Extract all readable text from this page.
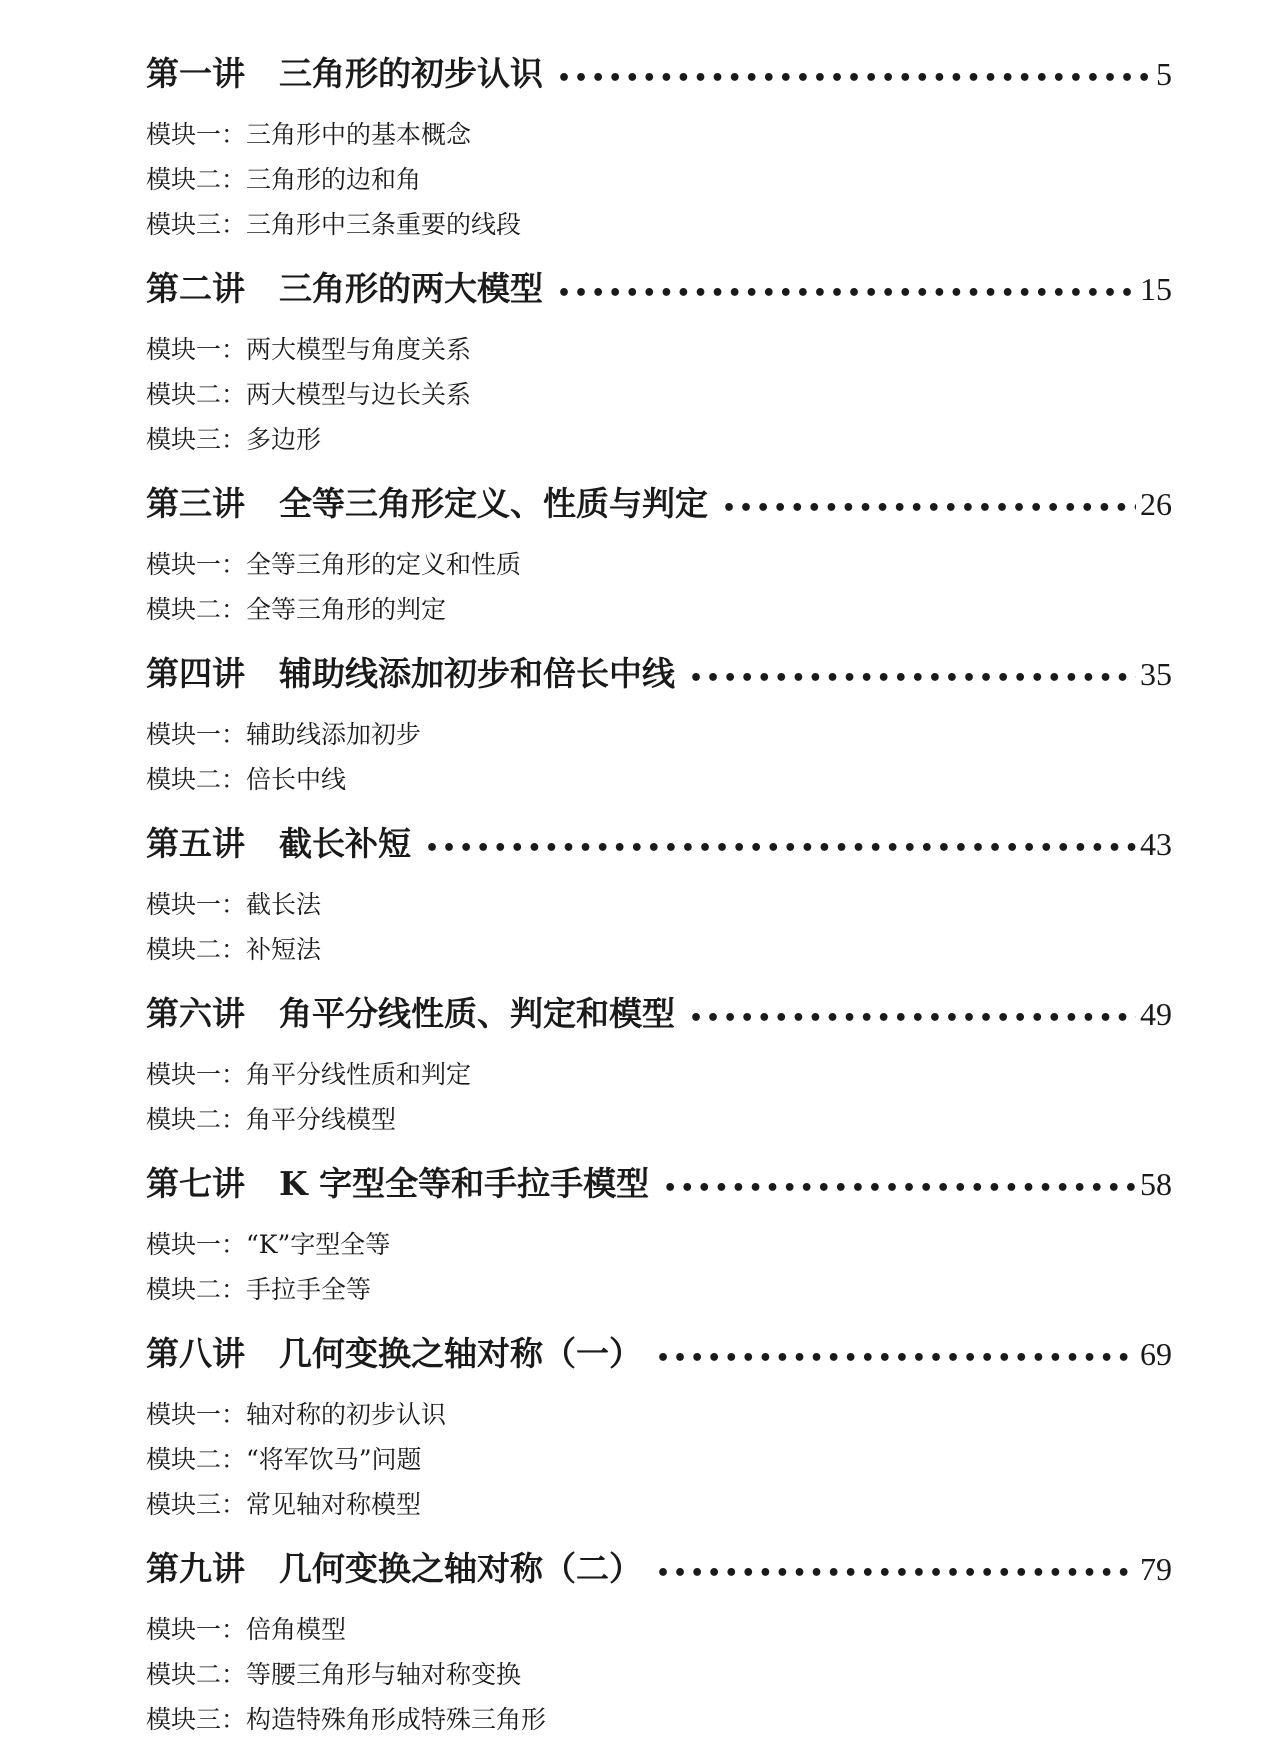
第一讲 三角形的初步认识 •••••	5
模块一：三角形中的基本概念
模块二：三角形的边和角
模块三：三角形中三条重要的线段
第二讲 三角形的两大模型 •••••	15
模块一：两大模型与角度关系
模块二：两大模型与边长关系
模块三：多边形
第三讲 全等三角形定义、性质与判定 •••••	26
模块一：全等三角形的定义和性质
模块二：全等三角形的判定
第四讲 辅助线添加初步和倍长中线 •••••	35
模块一：辅助线添加初步
模块二：倍长中线
第五讲 截长补短 •••••	43
模块一：截长法
模块二：补短法
第六讲 角平分线性质、判定和模型 •••••	49
模块一：角平分线性质和判定
模块二：角平分线模型
第七讲 K 字型全等和手拉手模型 •••••	58
模块一：“K”字型全等
模块二：手拉手全等
第八讲 几何变换之轴对称（一） •••••	69
模块一：轴对称的初步认识
模块二：“将军饮马”问题
模块三：常见轴对称模型
第九讲 几何变换之轴对称（二） •••••	79
模块一：倍角模型
模块二：等腰三角形与轴对称变换
模块三：构造特殊角形成特殊三角形
